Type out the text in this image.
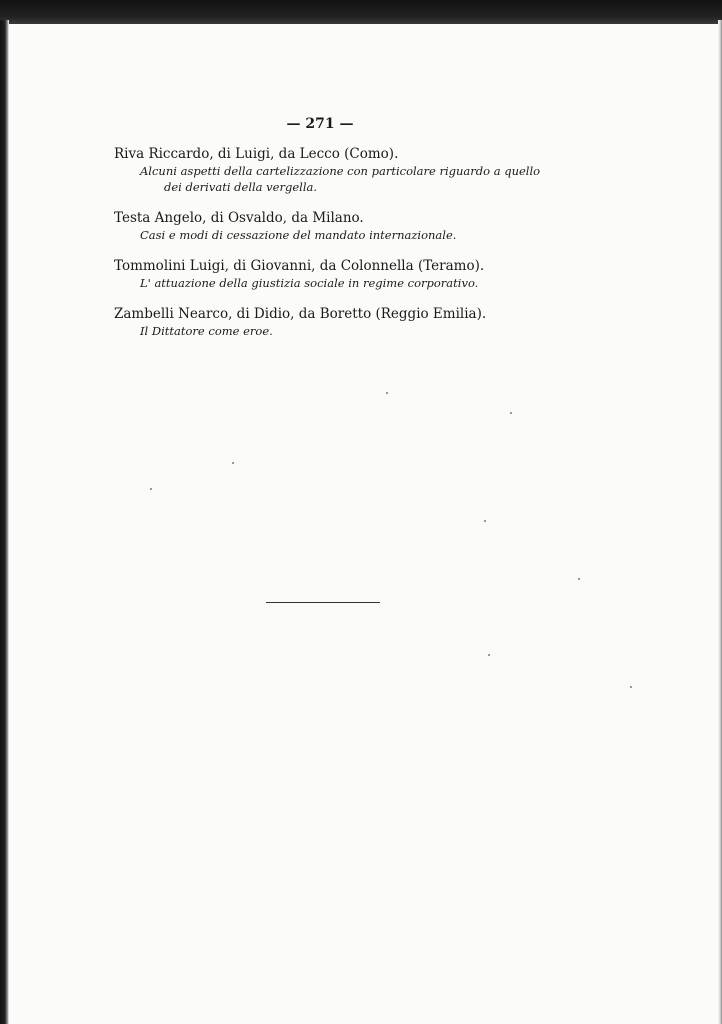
— 271 —
Riva Riccardo, di Luigi, da Lecco (Como).
Alcuni aspetti della cartelizzazione con particolare riguardo a quello
dei derivati della vergella.
Testa Angelo, di Osvaldo, da Milano.
Casi e modi di cessazione del mandato internazionale.
Tommolini Luigi, di Giovanni, da Colonnella (Teramo).
L' attuazione della giustizia sociale in regime corporativo.
Zambelli Nearco, di Didio, da Boretto (Reggio Emilia).
Il Dittatore come eroe.
